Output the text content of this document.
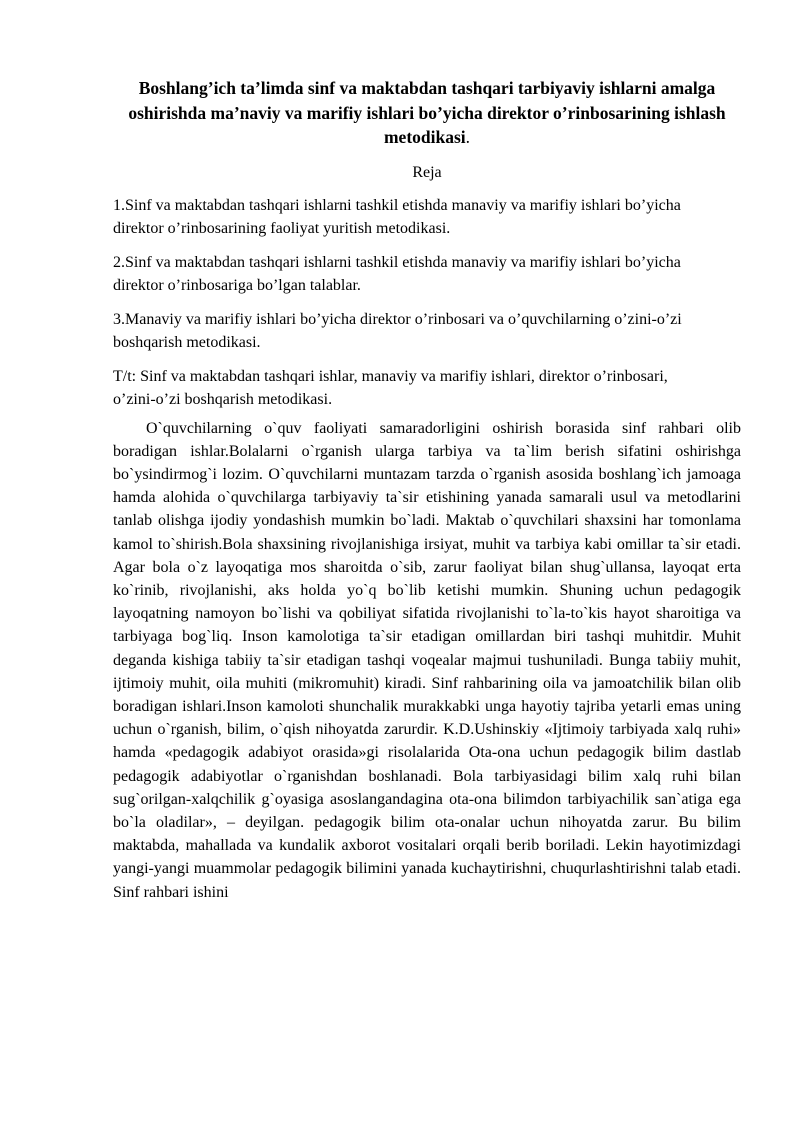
Boshlang’ich ta’limda sinf va maktabdan tashqari tarbiyaviy ishlarni amalga oshirishda ma’naviy va marifiy ishlari bo’yicha direktor o’rinbosarining ishlash metodikasi.
Reja

1.Sinf va maktabdan tashqari ishlarni tashkil etishda manaviy va marifiy ishlari bo’yicha direktor o’rinbosarining faoliyat yuritish metodikasi.

2.Sinf va maktabdan tashqari ishlarni tashkil etishda manaviy va marifiy ishlari bo’yicha direktor o’rinbosariga bo’lgan talablar.

3.Manaviy va marifiy ishlari bo’yicha direktor o’rinbosari va o’quvchilarning o’zini-o’zi boshqarish metodikasi.

T/t: Sinf va maktabdan tashqari ishlar, manaviy va marifiy ishlari, direktor o’rinbosari, o’zini-o’zi boshqarish metodikasi.

O`quvchilarning o`quv faoliyati samaradorligini oshirish borasida sinf rahbari olib boradigan ishlar.Bolalarni o`rganish ularga tarbiya va ta`lim berish sifatini oshirishga bo`ysindirmog`i lozim. O`quvchilarni muntazam tarzda o`rganish asosida boshlang`ich jamoaga hamda alohida o`quvchilarga tarbiyaviy ta`sir etishining yanada samarali usul va metodlarini tanlab olishga ijodiy yondashish mumkin bo`ladi. Maktab o`quvchilari shaxsini har tomonlama kamol to`shirish.Bola shaxsining rivojlanishiga irsiyat, muhit va tarbiya kabi omillar ta`sir etadi. Agar bola o`z layoqatiga mos sharoitda o`sib, zarur faoliyat bilan shug`ullansa, layoqat erta ko`rinib, rivojlanishi, aks holda yo`q bo`lib ketishi mumkin. Shuning uchun pedagogik layoqatning namoyon bo`lishi va qobiliyat sifatida rivojlanishi to`la-to`kis hayot sharoitiga va tarbiyaga bog`liq. Inson kamolotiga ta`sir etadigan omillardan biri tashqi muhitdir. Muhit deganda kishiga tabiiy ta`sir etadigan tashqi voqealar majmui tushuniladi. Bunga tabiiy muhit, ijtimoiy muhit, oila muhiti (mikromuhit) kiradi. Sinf rahbarining oila va jamoatchilik bilan olib boradigan ishlari.Inson kamoloti shunchalik murakkabki unga hayotiy tajriba yetarli emas uning uchun o`rganish, bilim, o`qish nihoyatda zarurdir. K.D.Ushinskiy «Ijtimoiy tarbiyada xalq ruhi» hamda «pedagogik adabiyot orasida»gi risolalarida Ota-ona uchun pedagogik bilim dastlab pedagogik adabiyotlar o`rganishdan boshlanadi. Bola tarbiyasidagi bilim xalq ruhi bilan sug`orilgan-xalqchilik g`oyasiga asoslangandagina ota-ona bilimdon tarbiyachilik san`atiga ega bo`la oladilar», – deyilgan. pedagogik bilim ota-onalar uchun nihoyatda zarur. Bu bilim maktabda, mahallada va kundalik axborot vositalari orqali berib boriladi. Lekin hayotimizdagi yangi-yangi muammolar pedagogik bilimini yanada kuchaytirishni, chuqurlashtirishni talab etadi. Sinf rahbari ishini
